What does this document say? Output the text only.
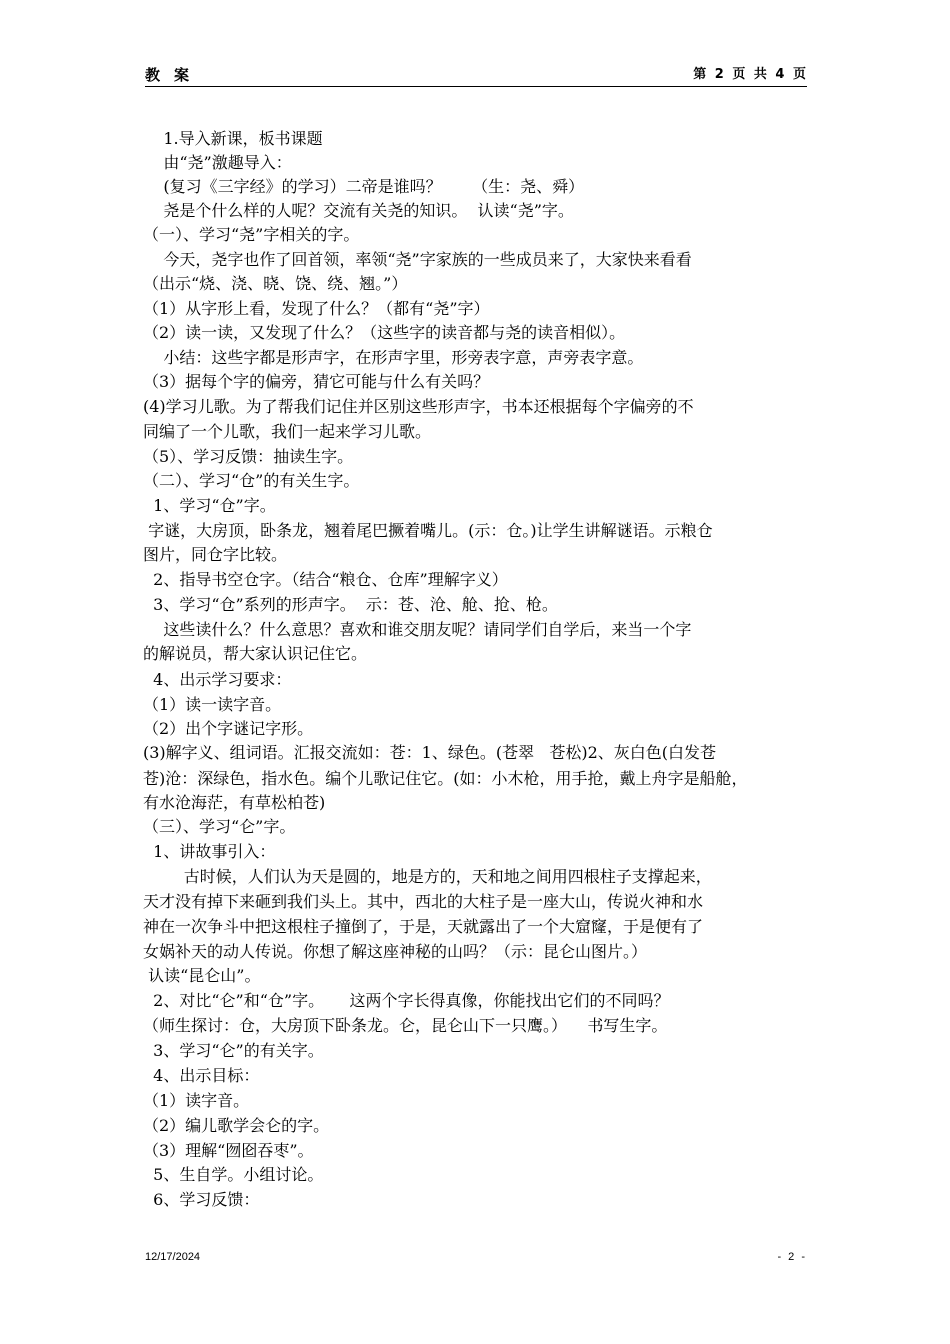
教案	第 2 页 共 4 页
1.导入新课，板书课题
由“尧”激趣导入：
(复习《三字经》的学习）二帝是谁吗？      （生：尧、舜）
尧是个什么样的人呢？交流有关尧的知识。  认读“尧”字。
（一）、学习“尧”字相关的字。
今天，尧字也作了回首领，率领“尧”字家族的一些成员来了，大家快来看看
（出示“烧、浇、晓、饶、绕、翘。”）
（1）从字形上看，发现了什么？（都有“尧”字）
（2）读一读，又发现了什么？（这些字的读音都与尧的读音相似）。
小结：这些字都是形声字，在形声字里，形旁表字意，声旁表字意。
（3）据每个字的偏旁，猜它可能与什么有关吗？
(4)学习儿歌。为了帮我们记住并区别这些形声字，书本还根据每个字偏旁的不
同编了一个儿歌，我们一起来学习儿歌。
（5）、学习反馈：抽读生字。
（二）、学习“仓”的有关生字。
1、学习“仓”字。
字谜，大房顶，卧条龙，翘着尾巴撅着嘴儿。(示：仓。)让学生讲解谜语。示粮仓
图片，同仓字比较。
2、指导书空仓字。（结合“粮仓、仓库”理解字义）
3、学习“仓”系列的形声字。  示：苍、沧、舱、抢、枪。
这些读什么？什么意思？喜欢和谁交朋友呢？请同学们自学后，来当一个字
的解说员，帮大家认识记住它。
4、出示学习要求：
（1）读一读字音。
（2）出个字谜记字形。
(3)解字义、组词语。汇报交流如：苍：1、绿色。(苍翠   苍松)2、灰白色(白发苍
苍)沧：深绿色，指水色。编个儿歌记住它。(如：小木枪，用手抢，戴上舟字是船舱，
有水沧海茫，有草松柏苍)
（三）、学习“仑”字。
1、讲故事引入：
古时候，人们认为天是圆的，地是方的，天和地之间用四根柱子支撑起来，
天才没有掉下来砸到我们头上。其中，西北的大柱子是一座大山，传说火神和水
神在一次争斗中把这根柱子撞倒了，于是，天就露出了一个大窟窿，于是便有了
女娲补天的动人传说。你想了解这座神秘的山吗？（示：昆仑山图片。）
认读“昆仑山”。
2、对比“仑”和“仓”字。     这两个字长得真像，你能找出它们的不同吗？
（师生探讨：仓，大房顶下卧条龙。仑，昆仑山下一只鹰。）    书写生字。
3、学习“仑”的有关字。
4、出示目标：
（1）读字音。
（2）编儿歌学会仑的字。
（3）理解“囫囵吞枣”。
5、生自学。小组讨论。
6、学习反馈：
12/17/2024	- 2 -
